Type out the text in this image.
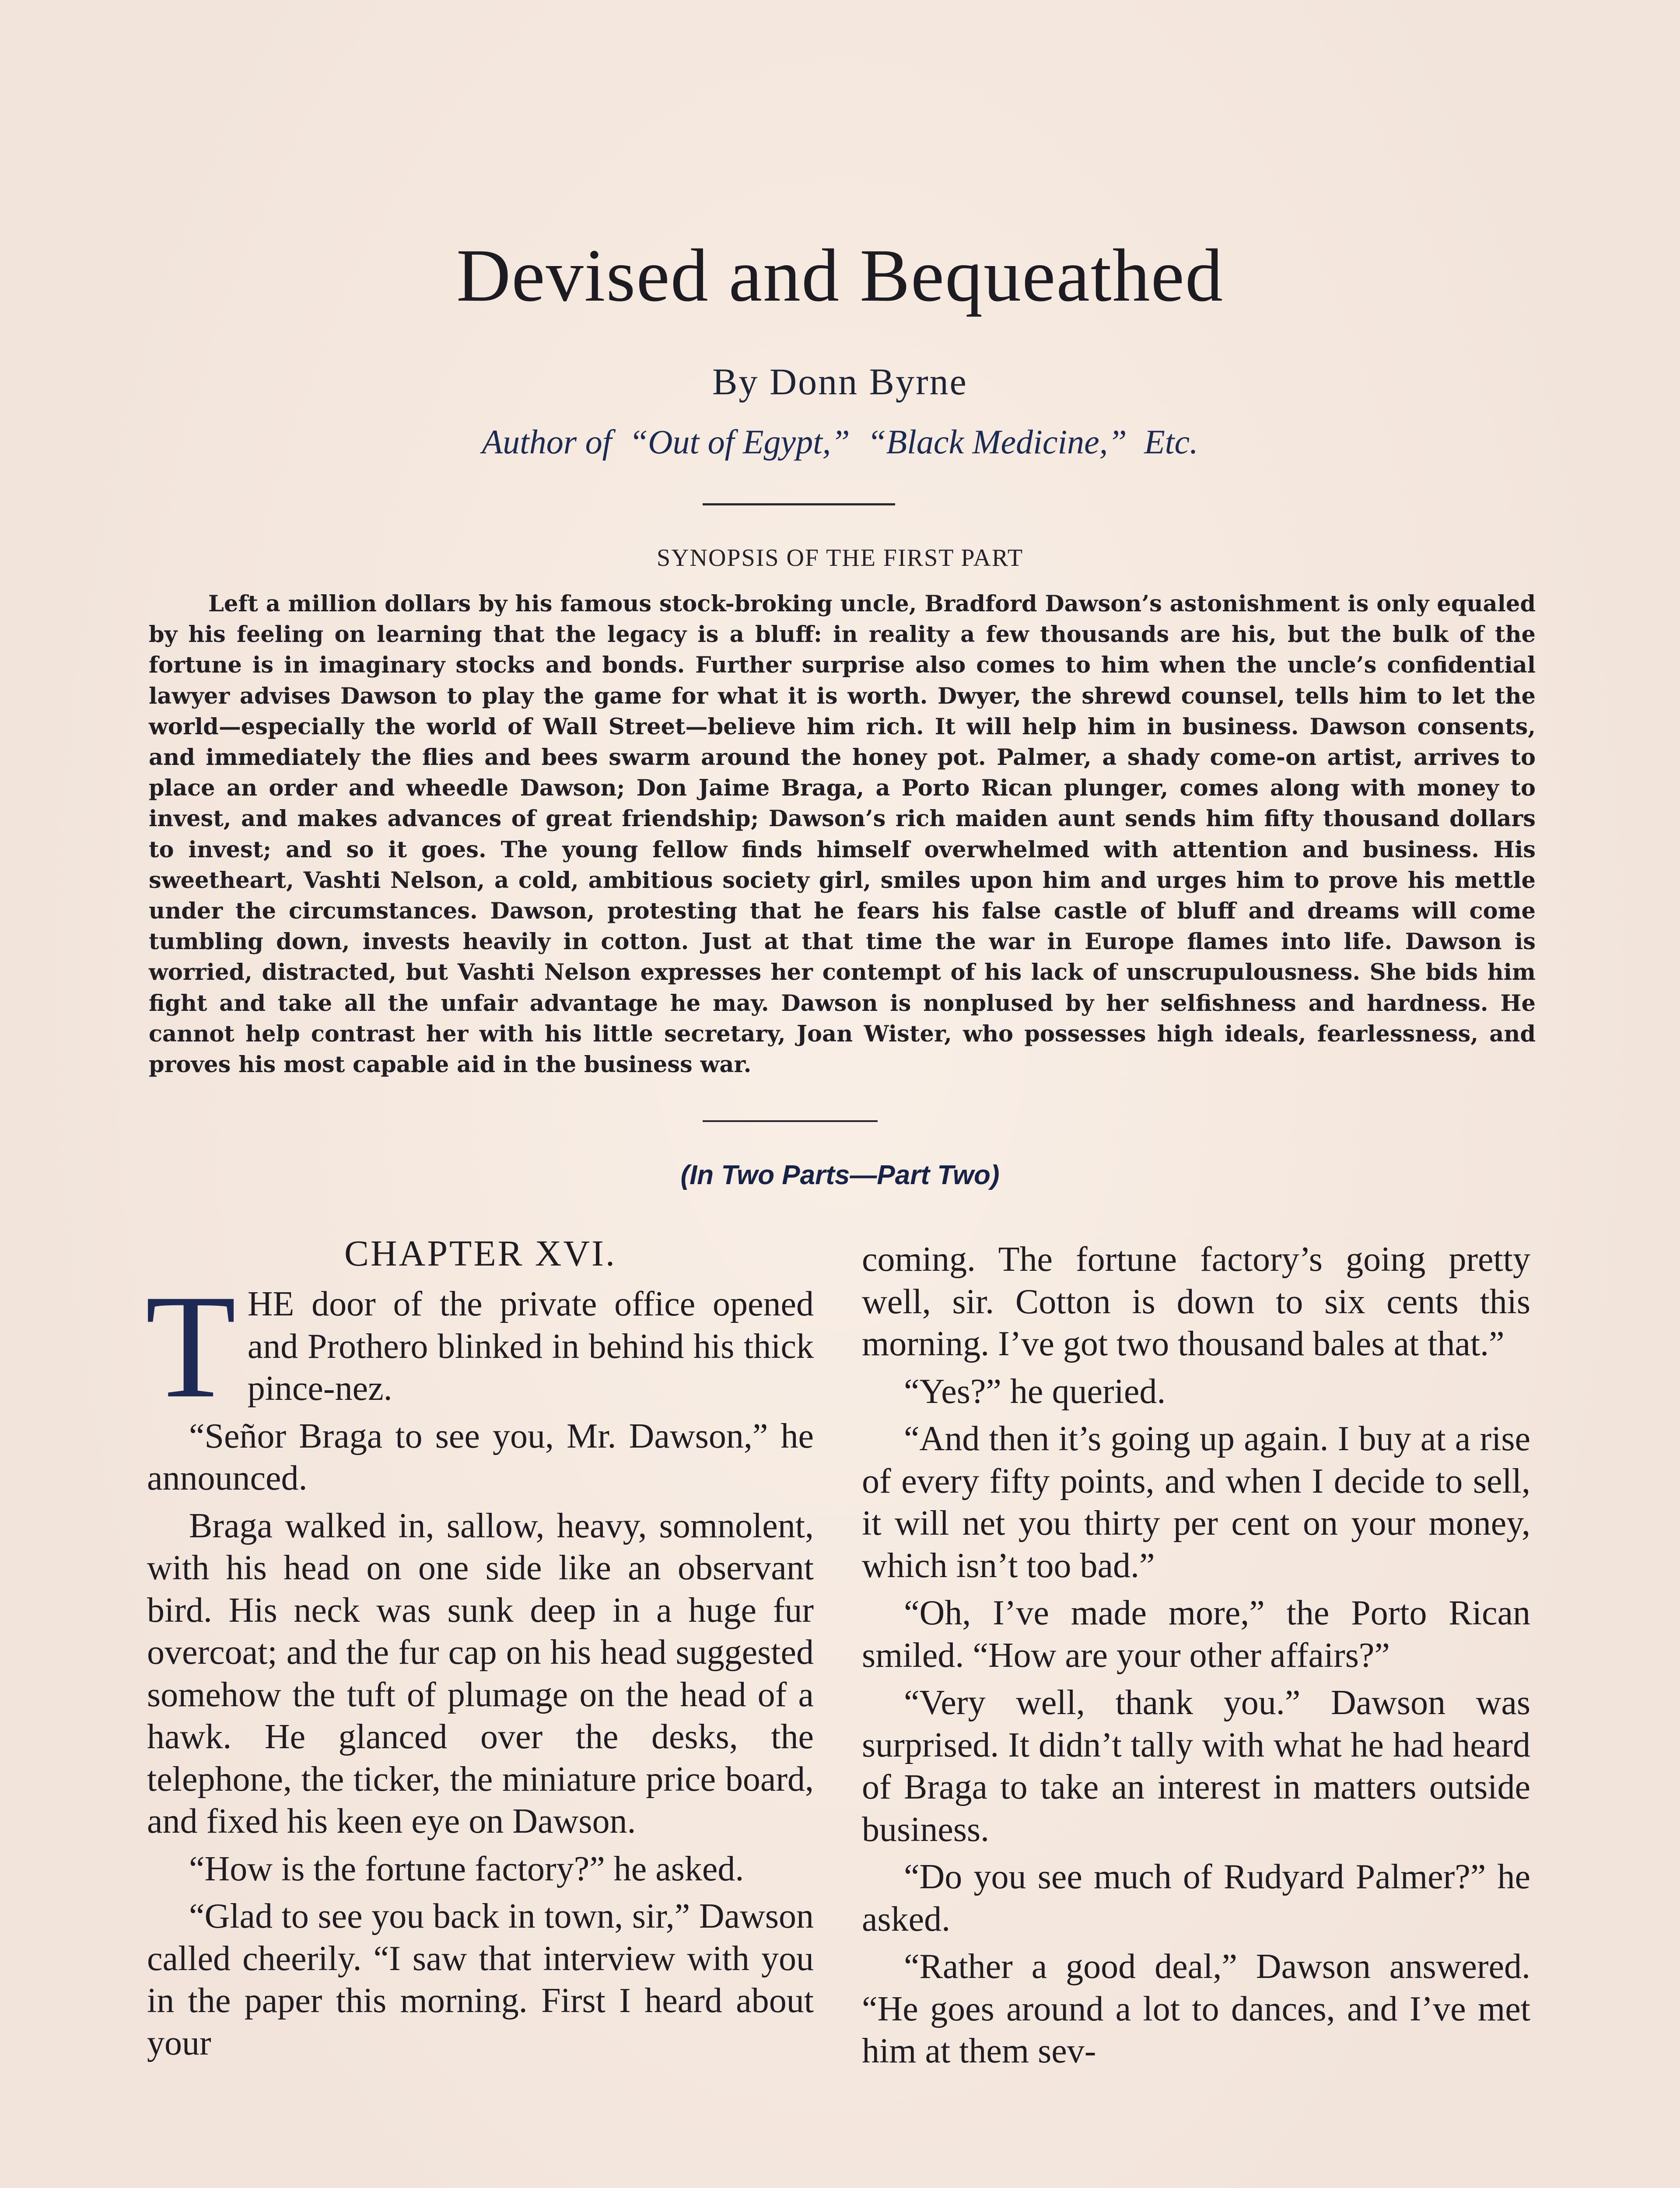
Devised and Bequeathed
By Donn Byrne
Author of “Out of Egypt,” “Black Medicine,” Etc.
SYNOPSIS OF THE FIRST PART

Left a million dollars by his famous stock-broking uncle, Bradford Dawson’s astonishment is only equaled by his feeling on learning that the legacy is a bluff: in reality a few thousands are his, but the bulk of the fortune is in imaginary stocks and bonds. Further surprise also comes to him when the uncle’s confidential lawyer advises Dawson to play the game for what it is worth. Dwyer, the shrewd counsel, tells him to let the world—especially the world of Wall Street—believe him rich. It will help him in business. Dawson consents, and immediately the flies and bees swarm around the honey pot. Palmer, a shady come-on artist, arrives to place an order and wheedle Dawson; Don Jaime Braga, a Porto Rican plunger, comes along with money to invest, and makes advances of great friendship; Dawson’s rich maiden aunt sends him fifty thousand dollars to invest; and so it goes. The young fellow finds himself overwhelmed with attention and business. His sweetheart, Vashti Nelson, a cold, ambitious society girl, smiles upon him and urges him to prove his mettle under the circumstances. Dawson, protesting that he fears his false castle of bluff and dreams will come tumbling down, invests heavily in cotton. Just at that time the war in Europe flames into life. Dawson is worried, distracted, but Vashti Nelson expresses her contempt of his lack of unscrupulousness. She bids him fight and take all the unfair advantage he may. Dawson is nonplused by her selfishness and hardness. He cannot help contrast her with his little secretary, Joan Wister, who possesses high ideals, fearlessness, and proves his most capable aid in the business war.

(In Two Parts—Part Two)
CHAPTER XVI.

THE door of the private office opened and Prothero blinked in behind his thick pince-nez.

“Señor Braga to see you, Mr. Dawson,” he announced.

Braga walked in, sallow, heavy, somnolent, with his head on one side like an observant bird. His neck was sunk deep in a huge fur overcoat; and the fur cap on his head suggested somehow the tuft of plumage on the head of a hawk. He glanced over the desks, the telephone, the ticker, the miniature price board, and fixed his keen eye on Dawson.

“How is the fortune factory?” he asked.

“Glad to see you back in town, sir,” Dawson called cheerily. “I saw that interview with you in the paper this morning. First I heard about your

coming. The fortune factory’s going pretty well, sir. Cotton is down to six cents this morning. I’ve got two thousand bales at that.”

“Yes?” he queried.

“And then it’s going up again. I buy at a rise of every fifty points, and when I decide to sell, it will net you thirty per cent on your money, which isn’t too bad.”

“Oh, I’ve made more,” the Porto Rican smiled. “How are your other affairs?”

“Very well, thank you.” Dawson was surprised. It didn’t tally with what he had heard of Braga to take an interest in matters outside business.

“Do you see much of Rudyard Palmer?” he asked.

“Rather a good deal,” Dawson answered. “He goes around a lot to dances, and I’ve met him at them sev-
